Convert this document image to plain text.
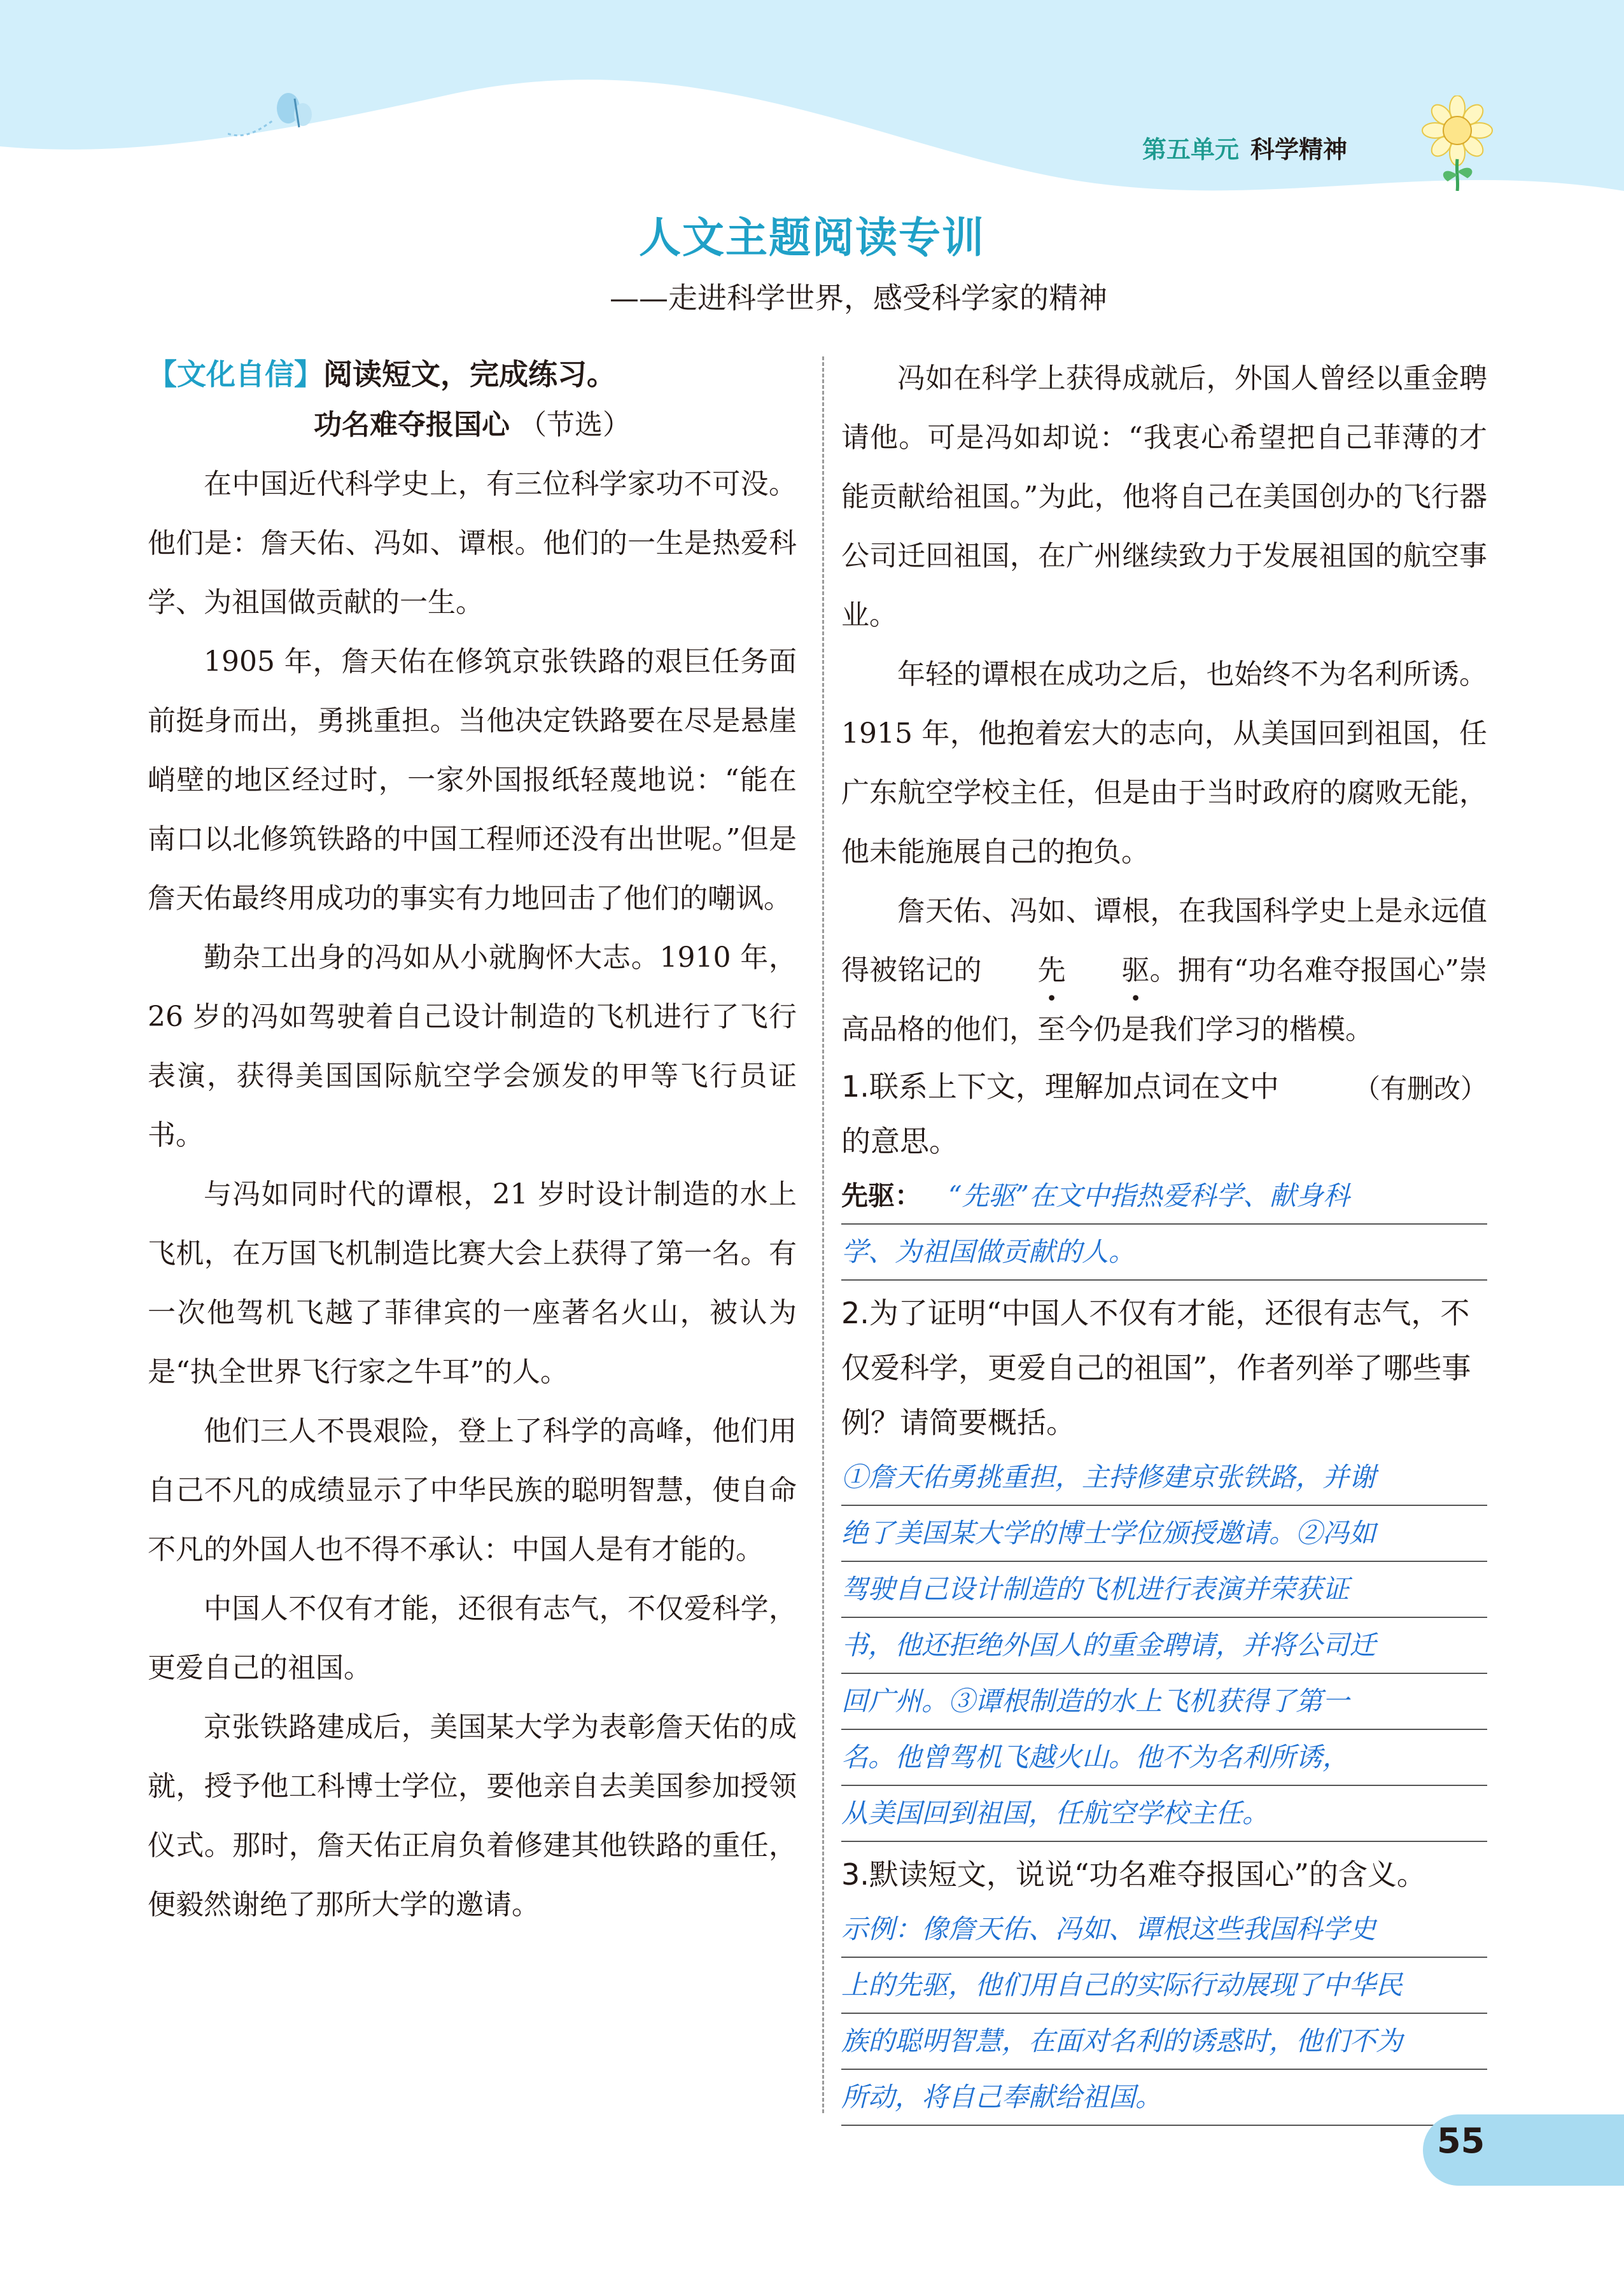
第五单元 科学精神
人文主题阅读专训
——走进科学世界，感受科学家的精神

【文化自信】阅读短文，完成练习。

功名难夺报国心 （节选）

在中国近代科学史上，有三位科学家功不可没。他们是：詹天佑、冯如、谭根。他们的一生是热爱科学、为祖国做贡献的一生。

1905 年，詹天佑在修筑京张铁路的艰巨任务面前挺身而出，勇挑重担。当他决定铁路要在尽是悬崖峭壁的地区经过时，一家外国报纸轻蔑地说：“能在南口以北修筑铁路的中国工程师还没有出世呢。”但是詹天佑最终用成功的事实有力地回击了他们的嘲讽。

勤杂工出身的冯如从小就胸怀大志。1910 年，26 岁的冯如驾驶着自己设计制造的飞机进行了飞行表演，获得美国国际航空学会颁发的甲等飞行员证书。

与冯如同时代的谭根，21 岁时设计制造的水上飞机，在万国飞机制造比赛大会上获得了第一名。有一次他驾机飞越了菲律宾的一座著名火山，被认为是“执全世界飞行家之牛耳”的人。

他们三人不畏艰险，登上了科学的高峰，他们用自己不凡的成绩显示了中华民族的聪明智慧，使自命不凡的外国人也不得不承认：中国人是有才能的。

中国人不仅有才能，还很有志气，不仅爱科学，更爱自己的祖国。

京张铁路建成后，美国某大学为表彰詹天佑的成就，授予他工科博士学位，要他亲自去美国参加授领仪式。那时，詹天佑正肩负着修建其他铁路的重任，便毅然谢绝了那所大学的邀请。

冯如在科学上获得成就后，外国人曾经以重金聘请他。可是冯如却说：“我衷心希望把自己菲薄的才能贡献给祖国。”为此，他将自己在美国创办的飞行器公司迁回祖国，在广州继续致力于发展祖国的航空事业。

年轻的谭根在成功之后，也始终不为名利所诱。1915 年，他抱着宏大的志向，从美国回到祖国，任广东航空学校主任，但是由于当时政府的腐败无能，他未能施展自己的抱负。

詹天佑、冯如、谭根，在我国科学史上是永远值得被铭记的 先
•
驱
•
。拥有“功名难夺报国心”崇高品格的他们，至今仍是我们学习的楷模。
（有删改）

1.联系上下文，理解加点词在文中的意思。

先驱：  “先驱”在文中指热爱科学、献身科
学、为祖国做贡献的人。

2.为了证明“中国人不仅有才能，还很有志气，不仅爱科学，更爱自己的祖国”，作者列举了哪些事例？请简要概括。

①詹天佑勇挑重担，主持修建京张铁路，并谢
绝了美国某大学的博士学位颁授邀请。②冯如
驾驶自己设计制造的飞机进行表演并荣获证
书，他还拒绝外国人的重金聘请，并将公司迁
回广州。③谭根制造的水上飞机获得了第一
名。他曾驾机飞越火山。他不为名利所诱，
从美国回到祖国，任航空学校主任。

3.默读短文，说说“功名难夺报国心”的含义。

示例：像詹天佑、冯如、谭根这些我国科学史
上的先驱，他们用自己的实际行动展现了中华民
族的聪明智慧，在面对名利的诱惑时，他们不为
所动，将自己奉献给祖国。
55
